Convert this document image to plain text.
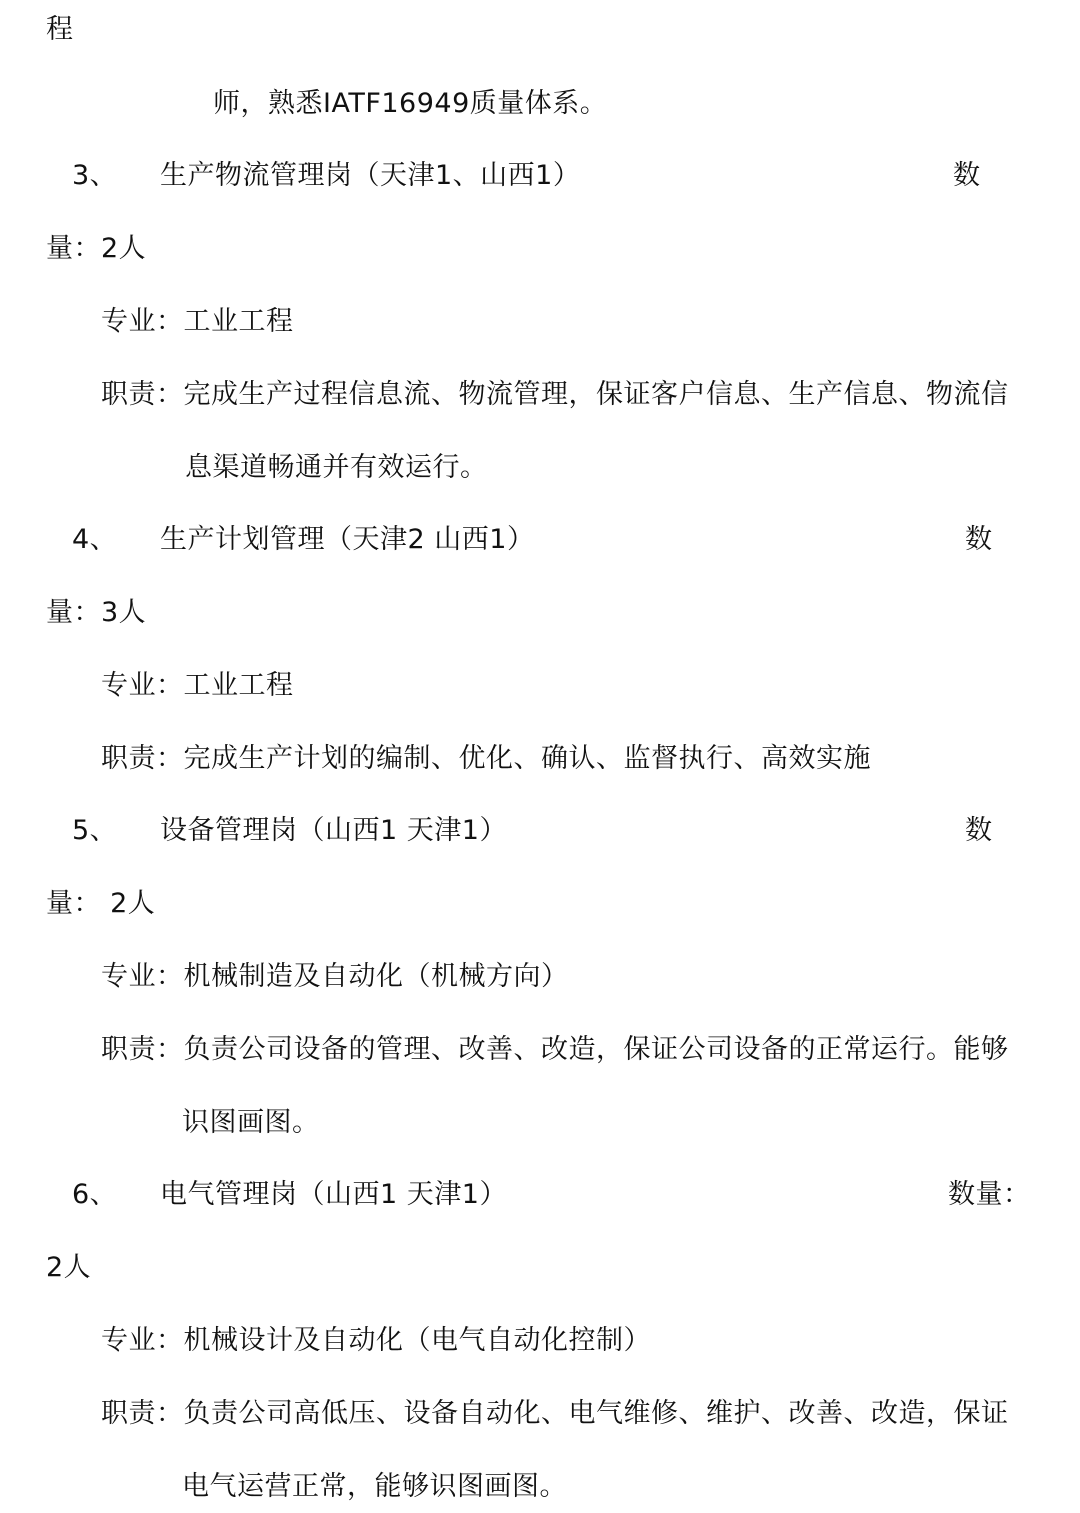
程
师，熟悉IATF16949质量体系。
3、 生产物流管理岗（天津1、山西1）	数
量：2人
专业：工业工程
职责：完成生产过程信息流、物流管理，保证客户信息、生产信息、物流信
息渠道畅通并有效运行。
4、 生产计划管理（天津2 山西1）	数
量：3人
专业：工业工程
职责：完成生产计划的编制、优化、确认、监督执行、高效实施
5、 设备管理岗（山西1 天津1）	数
量： 2人
专业：机械制造及自动化（机械方向）
职责：负责公司设备的管理、改善、改造，保证公司设备的正常运行。能够
识图画图。
6、 电气管理岗（山西1 天津1）	数量：
2人
专业：机械设计及自动化（电气自动化控制）
职责：负责公司高低压、设备自动化、电气维修、维护、改善、改造，保证
电气运营正常，能够识图画图。
